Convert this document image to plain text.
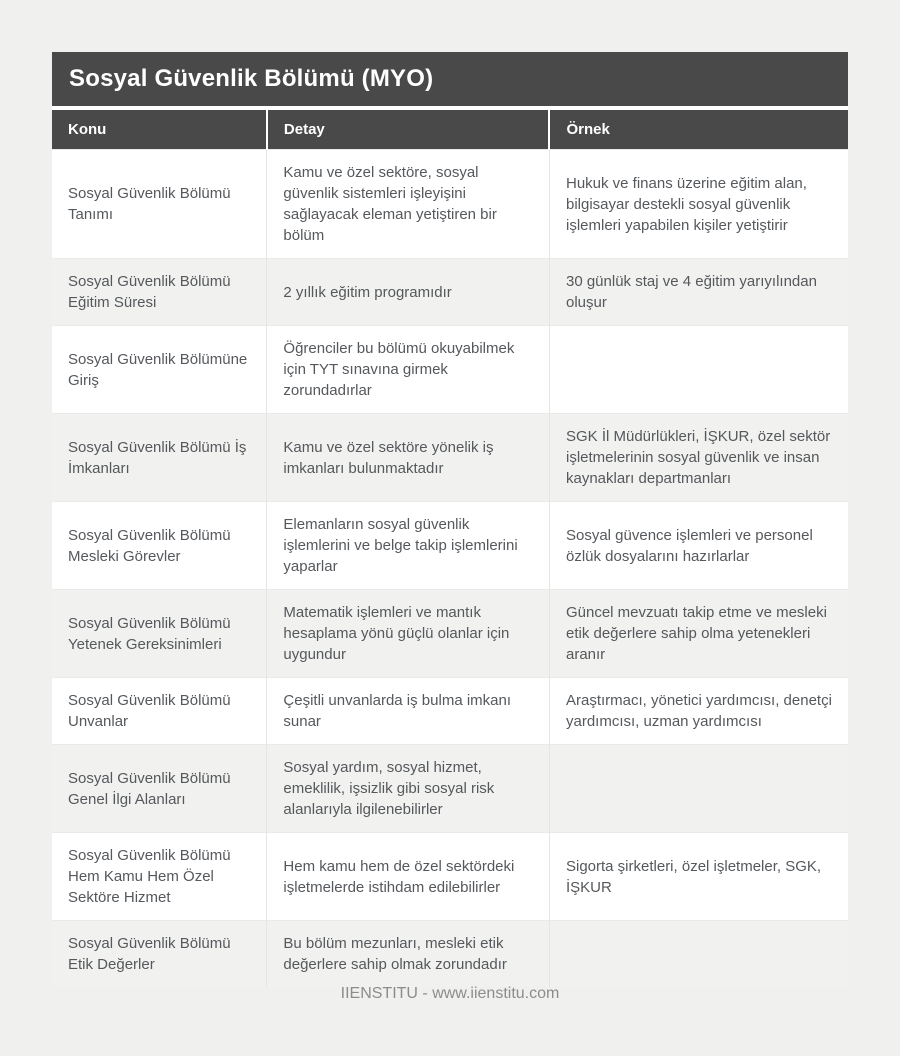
Sosyal Güvenlik Bölümü (MYO)
Konu	Detay	Örnek
Sosyal Güvenlik Bölümü Tanımı	Kamu ve özel sektöre, sosyal güvenlik sistemleri işleyişini sağlayacak eleman yetiştiren bir bölüm	Hukuk ve finans üzerine eğitim alan, bilgisayar destekli sosyal güvenlik işlemleri yapabilen kişiler yetiştirir
Sosyal Güvenlik Bölümü Eğitim Süresi	2 yıllık eğitim programıdır	30 günlük staj ve 4 eğitim yarıyılından oluşur
Sosyal Güvenlik Bölümüne Giriş	Öğrenciler bu bölümü okuyabilmek için TYT sınavına girmek zorundadırlar	
Sosyal Güvenlik Bölümü İş İmkanları	Kamu ve özel sektöre yönelik iş imkanları bulunmaktadır	SGK İl Müdürlükleri, İŞKUR, özel sektör işletmelerinin sosyal güvenlik ve insan kaynakları departmanları
Sosyal Güvenlik Bölümü Mesleki Görevler	Elemanların sosyal güvenlik işlemlerini ve belge takip işlemlerini yaparlar	Sosyal güvence işlemleri ve personel özlük dosyalarını hazırlarlar
Sosyal Güvenlik Bölümü Yetenek Gereksinimleri	Matematik işlemleri ve mantık hesaplama yönü güçlü olanlar için uygundur	Güncel mevzuatı takip etme ve mesleki etik değerlere sahip olma yetenekleri aranır
Sosyal Güvenlik Bölümü Unvanlar	Çeşitli unvanlarda iş bulma imkanı sunar	Araştırmacı, yönetici yardımcısı, denetçi yardımcısı, uzman yardımcısı
Sosyal Güvenlik Bölümü Genel İlgi Alanları	Sosyal yardım, sosyal hizmet, emeklilik, işsizlik gibi sosyal risk alanlarıyla ilgilenebilirler	
Sosyal Güvenlik Bölümü Hem Kamu Hem Özel Sektöre Hizmet	Hem kamu hem de özel sektördeki işletmelerde istihdam edilebilirler	Sigorta şirketleri, özel işletmeler, SGK, İŞKUR
Sosyal Güvenlik Bölümü Etik Değerler	Bu bölüm mezunları, mesleki etik değerlere sahip olmak zorundadır	
IIENSTITU - www.iienstitu.com
